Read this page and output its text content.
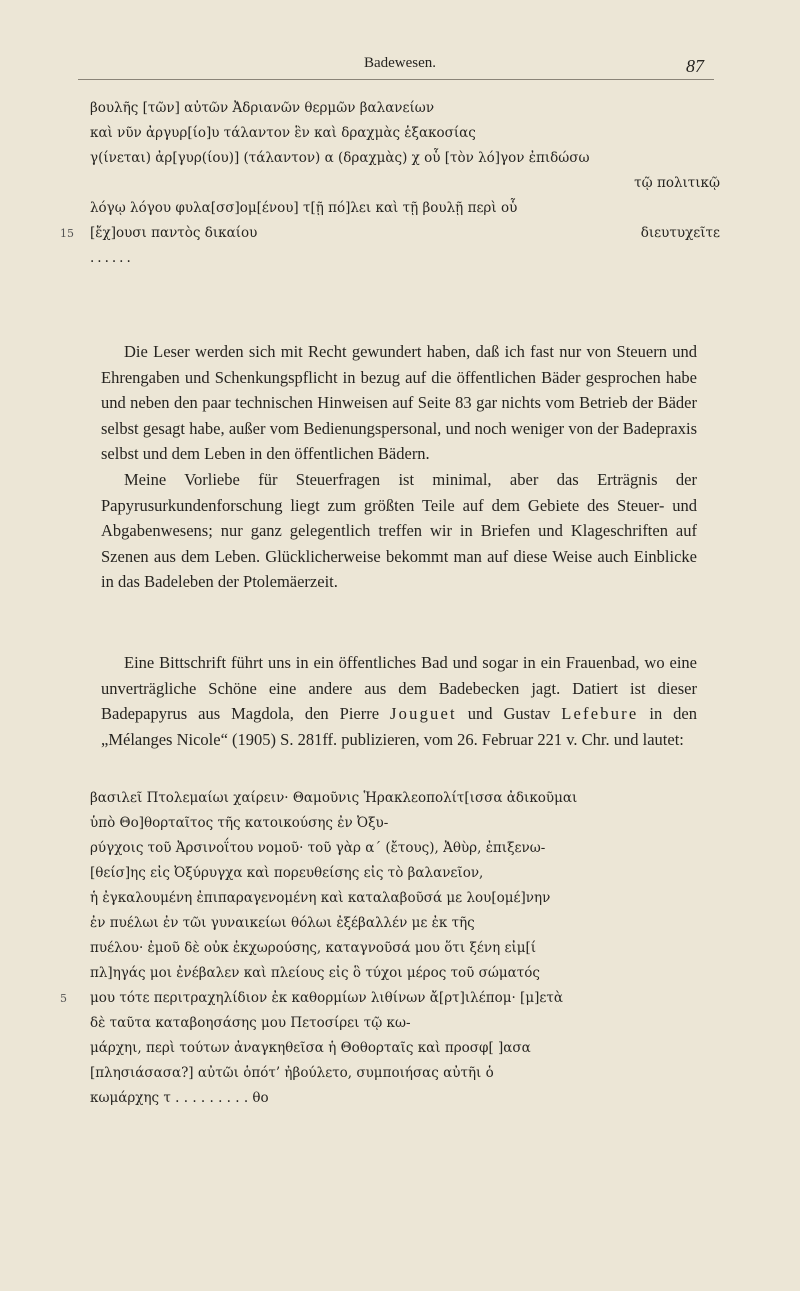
Badewesen.	87
βουλῆς [τῶν] αὐτῶν Ἀδριανῶν θερμῶν βαλανείων
καὶ νῦν ἀργυρ[ίο]υ τάλαντον ἓν καὶ δραχμὰς ἑξακοσίας
γ(ίνεται) ἀρ[γυρ(ίου)] (τάλαντον) α (δραχμὰς) χ οὗ [τὸν λό]γον ἐπιδώσω
τῷ πολιτικῷ
λόγῳ λόγου φυλα[σσ]ομ[ένου] τ[ῇ πό]λει καὶ τῇ βουλῇ περὶ οὗ
15 [ἔχ]ουσι παντὸς δικαίου	διευτυχεῖτε
......

Die Leser werden sich mit Recht gewundert haben, daß ich fast nur von Steuern und Ehrengaben und Schenkungspflicht in bezug auf die öffentlichen Bäder gesprochen habe und neben den paar technischen Hinweisen auf Seite 83 gar nichts vom Betrieb der Bäder selbst gesagt habe, außer vom Bedienungspersonal, und noch weniger von der Badepraxis selbst und dem Leben in den öffentlichen Bädern.

Meine Vorliebe für Steuerfragen ist minimal, aber das Erträgnis der Papyrusurkundenforschung liegt zum größten Teile auf dem Gebiete des Steuer- und Abgabenwesens; nur ganz gelegentlich treffen wir in Briefen und Klageschriften auf Szenen aus dem Leben. Glücklicherweise bekommt man auf diese Weise auch Einblicke in das Badeleben der Ptolemäerzeit.

Eine Bittschrift führt uns in ein öffentliches Bad und sogar in ein Frauenbad, wo eine unverträgliche Schöne eine andere aus dem Badebecken jagt. Datiert ist dieser Badepapyrus aus Magdola, den Pierre Jouguet und Gustav Lefebure in den „Mélanges Nicole“ (1905) S. 281ff. publizieren, vom 26. Februar 221 v. Chr. und lautet:

βασιλεῖ Πτολεμαίωι χαίρειν· Θαμοῦνις Ἡρακλεοπολίτ[ισσα ἀδικοῦμαι
ὑπὸ Θο]θορταῖτος τῆς κατοικούσης ἐν Ὀξυ-
ρύγχοις τοῦ Ἀρσινοΐτου νομοῦ· τοῦ γὰρ α´ (ἔτους), Ἀθὺρ, ἐπιξενω-
[θείσ]ης εἰς Ὀξύρυγχα καὶ πορευθείσης εἰς τὸ βαλανεῖον,
ἡ ἐγκαλουμένη ἐπιπαραγενομένη καὶ καταλαβοῦσά με λου[ομέ]νην
ἐν πυέλωι ἐν τῶι γυναικείωι θόλωι ἐξέβαλλέν με ἐκ τῆς
πυέλου· ἐμοῦ δὲ οὐκ ἐκχωρούσης, καταγνοῦσά μου ὅτι ξένη εἰμ[ί
πλ]ηγάς μοι ἐνέβαλεν καὶ πλείους εἰς ὃ τύχοι μέρος τοῦ σώματός
5 μου τότε περιτραχηλίδιον ἐκ καθορμίων λιθίνων ἄ[ρτ]ιλέπομ· [μ]ετὰ
δὲ ταῦτα καταβοησάσης μου Πετοσίρει τῷ κω-
μάρχηι, περὶ τούτων ἀναγκηθεῖσα ἡ Θοθορταῖς καὶ προσφ[ ]ασα
[πλησιάσασα?] αὐτῶι ὁπότ’ ἠβούλετο, συμποιήσας αὐτῆι ὁ
κωμάρχης τ . . . . . . . . . θο
